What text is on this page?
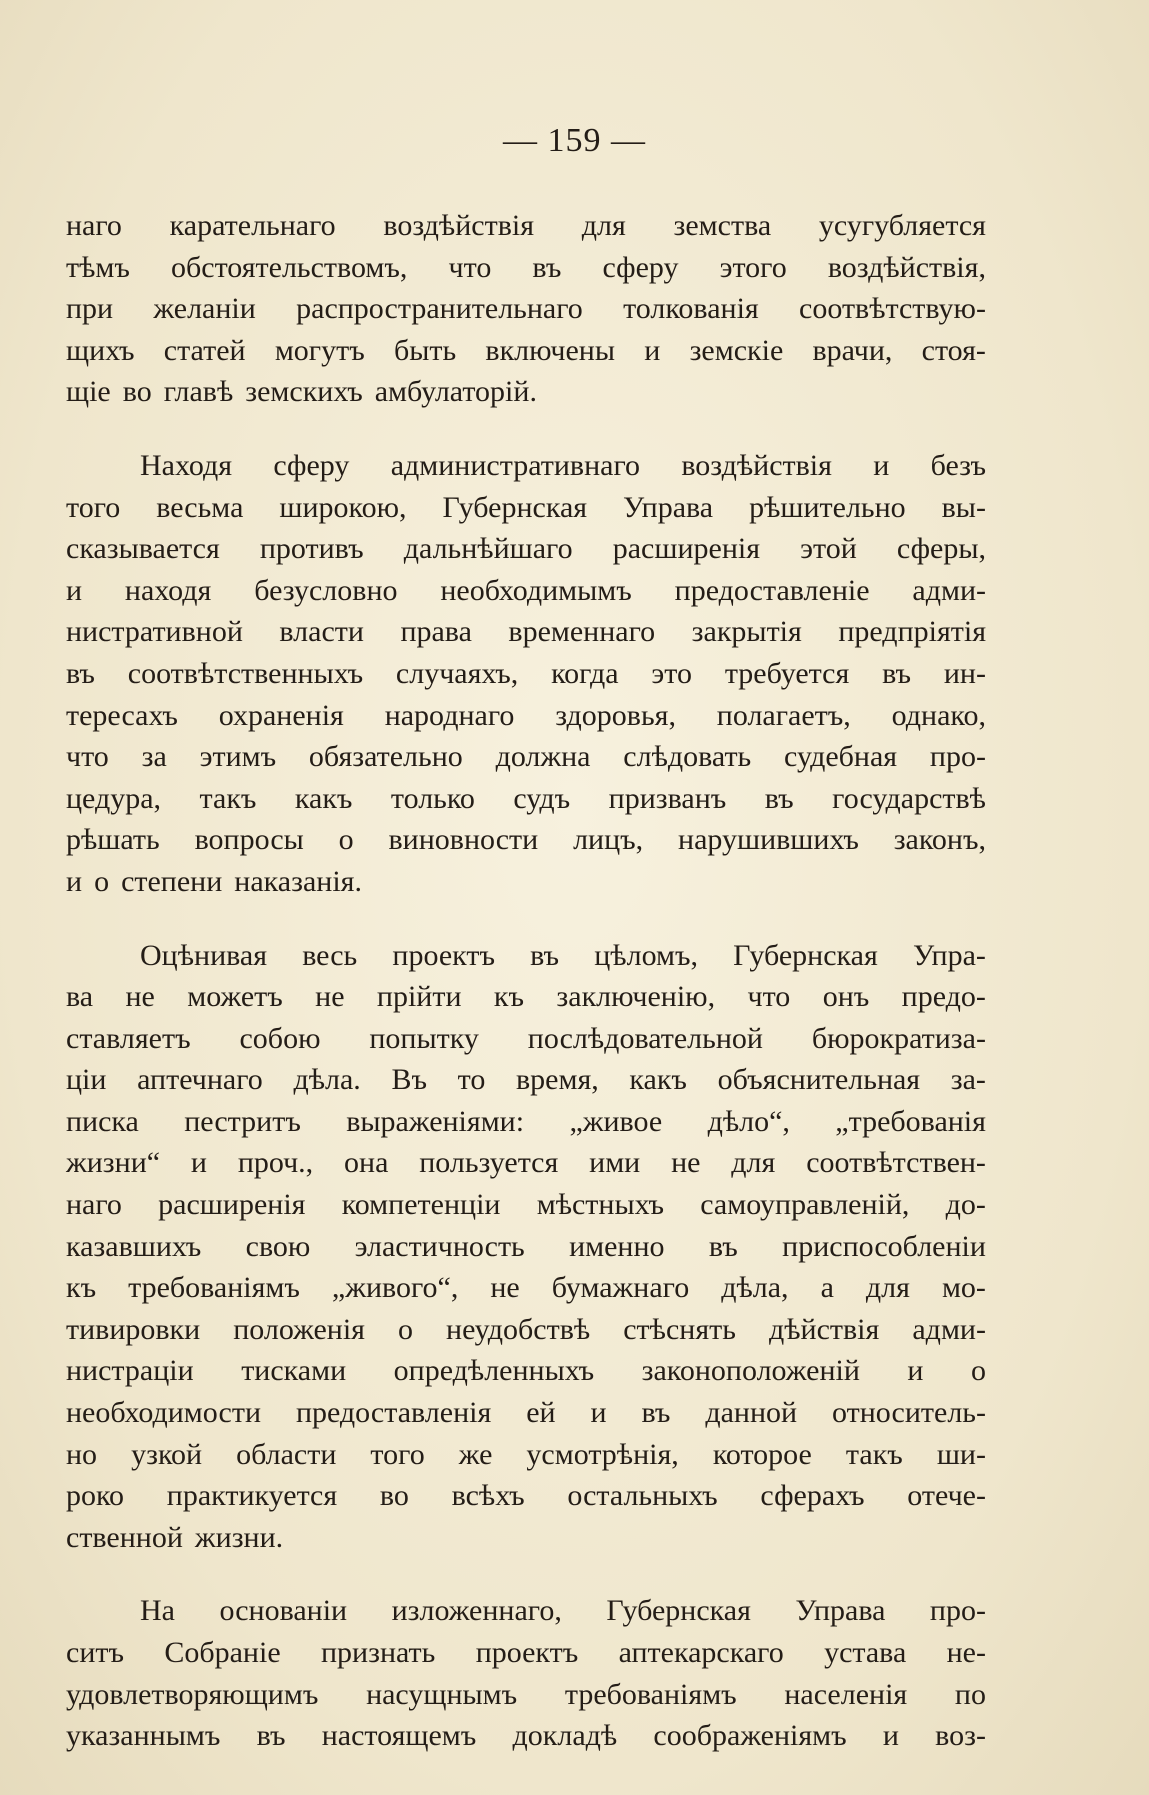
— 159 —
наго карательнаго воздѣйствія для земства усугубляется
тѣмъ обстоятельствомъ, что въ сферу этого воздѣйствія,
при желаніи распространительнаго толкованія соотвѣтствую-
щихъ статей могутъ быть включены и земскіе врачи, стоя-
щіе во главѣ земскихъ амбулаторій.
Находя сферу административнаго воздѣйствія и безъ
того весьма широкою, Губернская Управа рѣшительно вы-
сказывается противъ дальнѣйшаго расширенія этой сферы,
и находя безусловно необходимымъ предоставленіе адми-
нистративной власти права временнаго закрытія предпріятія
въ соотвѣтственныхъ случаяхъ, когда это требуется въ ин-
тересахъ охраненія народнаго здоровья, полагаетъ, однако,
что за этимъ обязательно должна слѣдовать судебная про-
цедура, такъ какъ только судъ призванъ въ государствѣ
рѣшать вопросы о виновности лицъ, нарушившихъ законъ,
и о степени наказанія.
Оцѣнивая весь проектъ въ цѣломъ, Губернская Упра-
ва не можетъ не прійти къ заключенію, что онъ предо-
ставляетъ собою попытку послѣдовательной бюрократиза-
ціи аптечнаго дѣла. Въ то время, какъ объяснительная за-
писка пестритъ выраженіями: „живое дѣло“, „требованія
жизни“ и проч., она пользуется ими не для соотвѣтствен-
наго расширенія компетенціи мѣстныхъ самоуправленій, до-
казавшихъ свою эластичность именно въ приспособленіи
къ требованіямъ „живого“, не бумажнаго дѣла, а для мо-
тивировки положенія о неудобствѣ стѣснять дѣйствія адми-
нистраціи тисками опредѣленныхъ законоположеній и о
необходимости предоставленія ей и въ данной относитель-
но узкой области того же усмотрѣнія, которое такъ ши-
роко практикуется во всѣхъ остальныхъ сферахъ отече-
ственной жизни.
На основаніи изложеннаго, Губернская Управа про-
ситъ Собраніе признать проектъ аптекарскаго устава не-
удовлетворяющимъ насущнымъ требованіямъ населенія по
указаннымъ въ настоящемъ докладѣ соображеніямъ и воз-
